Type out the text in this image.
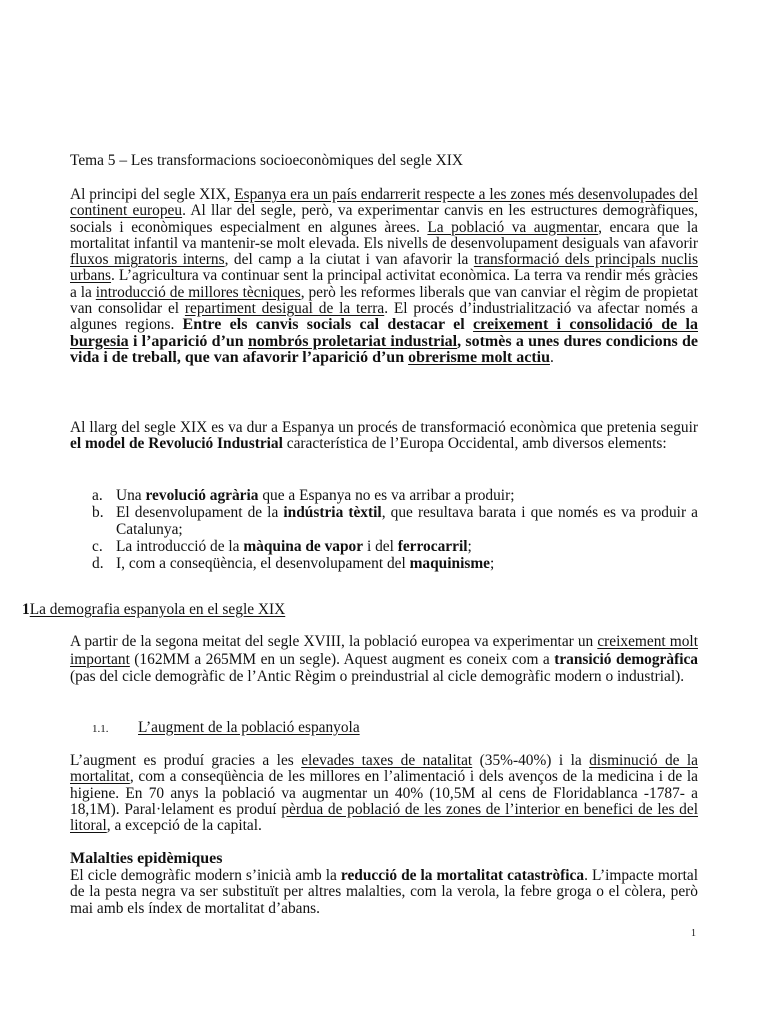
Tema 5 – Les transformacions socioeconòmiques del segle XIX

Al principi del segle XIX, Espanya era un país endarrerit respecte a les zones més desenvolupades del continent europeu. Al llar del segle, però, va experimentar canvis en les estructures demogràfiques, socials i econòmiques especialment en algunes àrees. La població va augmentar, encara que la mortalitat infantil va mantenir-se molt elevada. Els nivells de desenvolupament desiguals van afavorir fluxos migratoris interns, del camp a la ciutat i van afavorir la transformació dels principals nuclis urbans. L’agricultura va continuar sent la principal activitat econòmica. La terra va rendir més gràcies a la introducció de millores tècniques, però les reformes liberals que van canviar el règim de propietat van consolidar el repartiment desigual de la terra. El procés d’industrialització va afectar només a algunes regions. Entre els canvis socials cal destacar el creixement i consolidació de la burgesia i l’aparició d’un nombrós proletariat industrial, sotmès a unes dures condicions de vida i de treball, que van afavorir l’aparició d’un obrerisme molt actiu.

Al llarg del segle XIX es va dur a Espanya un procés de transformació econòmica que pretenia seguir el model de Revolució Industrial característica de l’Europa Occidental, amb diversos elements:

a. Una revolució agrària que a Espanya no es va arribar a produir;
b. El desenvolupament de la indústria tèxtil, que resultava barata i que només es va produir a Catalunya;
c. La introducció de la màquina de vapor i del ferrocarril;
d. I, com a conseqüència, el desenvolupament del maquinisme;
1La demografia espanyola en el segle XIX

A partir de la segona meitat del segle XVIII, la població europea va experimentar un creixement molt important (162MM a 265MM en un segle). Aquest augment es coneix com a transició demogràfica (pas del cicle demogràfic de l’Antic Règim o preindustrial al cicle demogràfic modern o industrial).

1.1. L’augment de la població espanyola

L’augment es produí gracies a les elevades taxes de natalitat (35%-40%) i la disminució de la mortalitat, com a conseqüència de les millores en l’alimentació i dels avenços de la medicina i de la higiene. En 70 anys la població va augmentar un 40% (10,5M al cens de Floridablanca -1787- a 18,1M). Paral·lelament es produí pèrdua de població de les zones de l’interior en benefici de les del litoral, a excepció de la capital.

Malalties epidèmiques

El cicle demogràfic modern s’inicià amb la reducció de la mortalitat catastròfica. L’impacte mortal de la pesta negra va ser substituït per altres malalties, com la verola, la febre groga o el còlera, però mai amb els índex de mortalitat d’abans.

1
